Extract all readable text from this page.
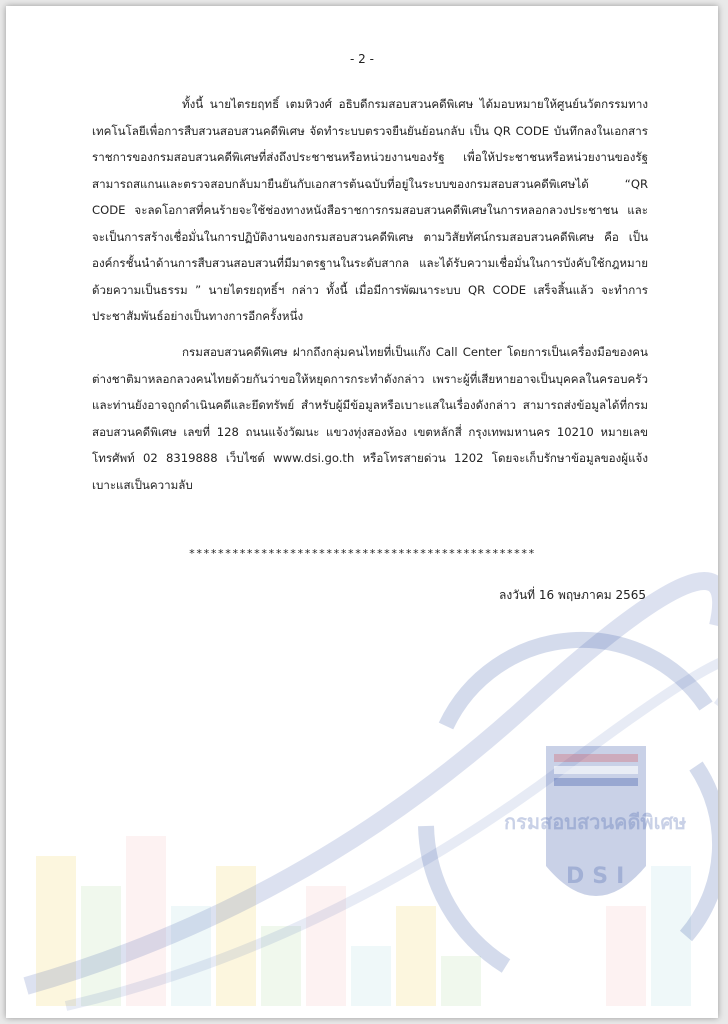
กรมสอบสวนคดีพิเศษ
DSI
- 2 -

ทั้งนี้ นายไตรยฤทธิ์ เตมหิวงศ์ อธิบดีกรมสอบสวนคดีพิเศษ ได้มอบหมายให้ศูนย์นวัตกรรมทางเทคโนโลยีเพื่อการสืบสวนสอบสวนคดีพิเศษ จัดทำระบบตรวจยืนยันย้อนกลับ เป็น QR CODE บันทึกลงในเอกสารราชการของกรมสอบสวนคดีพิเศษที่ส่งถึงประชาชนหรือหน่วยงานของรัฐ เพื่อให้ประชาชนหรือหน่วยงานของรัฐสามารถสแกนและตรวจสอบกลับมายืนยันกับเอกสารต้นฉบับที่อยู่ในระบบของกรมสอบสวนคดีพิเศษได้ “QR CODE จะลดโอกาสที่คนร้ายจะใช้ช่องทางหนังสือราชการกรมสอบสวนคดีพิเศษในการหลอกลวงประชาชน และจะเป็นการสร้างเชื่อมั่นในการปฏิบัติงานของกรมสอบสวนคดีพิเศษ ตามวิสัยทัศน์กรมสอบสวนคดีพิเศษ คือ เป็นองค์กรชั้นนำด้านการสืบสวนสอบสวนที่มีมาตรฐานในระดับสากล และได้รับความเชื่อมั่นในการบังคับใช้กฎหมายด้วยความเป็นธรรม ” นายไตรยฤทธิ์ฯ กล่าว ทั้งนี้ เมื่อมีการพัฒนาระบบ QR CODE เสร็จสิ้นแล้ว จะทำการประชาสัมพันธ์อย่างเป็นทางการอีกครั้งหนึ่ง

กรมสอบสวนคดีพิเศษ ฝากถึงกลุ่มคนไทยที่เป็นแก๊ง Call Center โดยการเป็นเครื่องมือของคนต่างชาติมาหลอกลวงคนไทยด้วยกันว่าขอให้หยุดการกระทำดังกล่าว เพราะผู้ที่เสียหายอาจเป็นบุคคลในครอบครัว และท่านยังอาจถูกดำเนินคดีและยึดทรัพย์ สำหรับผู้มีข้อมูลหรือเบาะแสในเรื่องดังกล่าว สามารถส่งข้อมูลได้ที่กรมสอบสวนคดีพิเศษ เลขที่ 128 ถนนแจ้งวัฒนะ แขวงทุ่งสองห้อง เขตหลักสี่ กรุงเทพมหานคร 10210 หมายเลขโทรศัพท์ 02 8319888 เว็บไซต์ www.dsi.go.th หรือโทรสายด่วน 1202 โดยจะเก็บรักษาข้อมูลของผู้แจ้งเบาะแสเป็นความลับ

************************************************
ลงวันที่ 16 พฤษภาคม 2565
